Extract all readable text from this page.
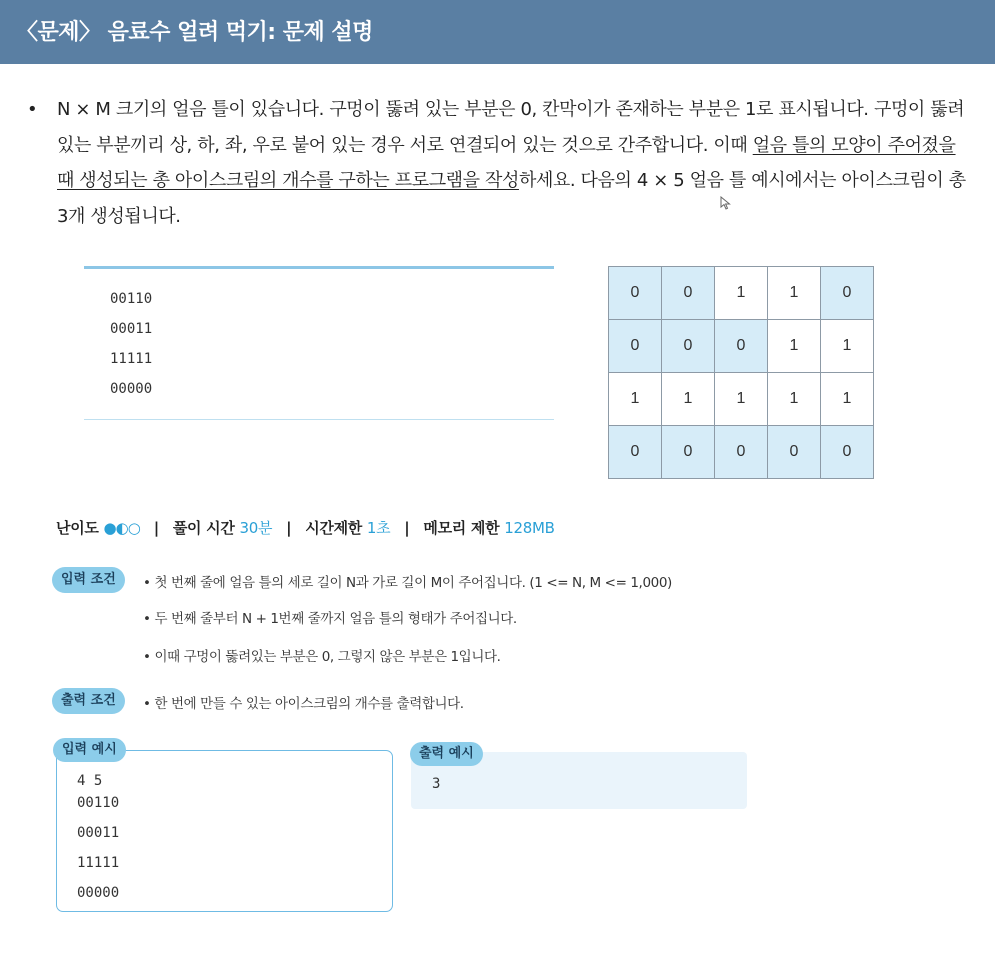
〈문제〉 음료수 얼려 먹기: 문제 설명
• N × M 크기의 얼음 틀이 있습니다. 구멍이 뚫려 있는 부분은 0, 칸막이가 존재하는 부분은 1로 표시됩니다. 구멍이 뚫려 있는 부분끼리 상, 하, 좌, 우로 붙어 있는 경우 서로 연결되어 있는 것으로 간주합니다. 이때 얼음 틀의 모양이 주어졌을 때 생성되는 총 아이스크림의 개수를 구하는 프로그램을 작성하세요. 다음의 4 × 5 얼음 틀 예시에서는 아이스크림이 총 3개 생성됩니다.
00110
00011
11111
00000
0	0	1	1	0
0	0	0	1	1
1	1	1	1	1
0	0	0	0	0
난이도 ●◐○ | 풀이 시간 30분 | 시간제한 1초 | 메모리 제한 128MB
입력 조건	• 첫 번째 줄에 얼음 틀의 세로 길이 N과 가로 길이 M이 주어집니다. (1 <= N, M <= 1,000)
• 두 번째 줄부터 N + 1번째 줄까지 얼음 틀의 형태가 주어집니다.
• 이때 구멍이 뚫려있는 부분은 0, 그렇지 않은 부분은 1입니다.
출력 조건	• 한 번에 만들 수 있는 아이스크림의 개수를 출력합니다.
4 5
00110
00011
11111
00000
입력 예시
3
출력 예시
